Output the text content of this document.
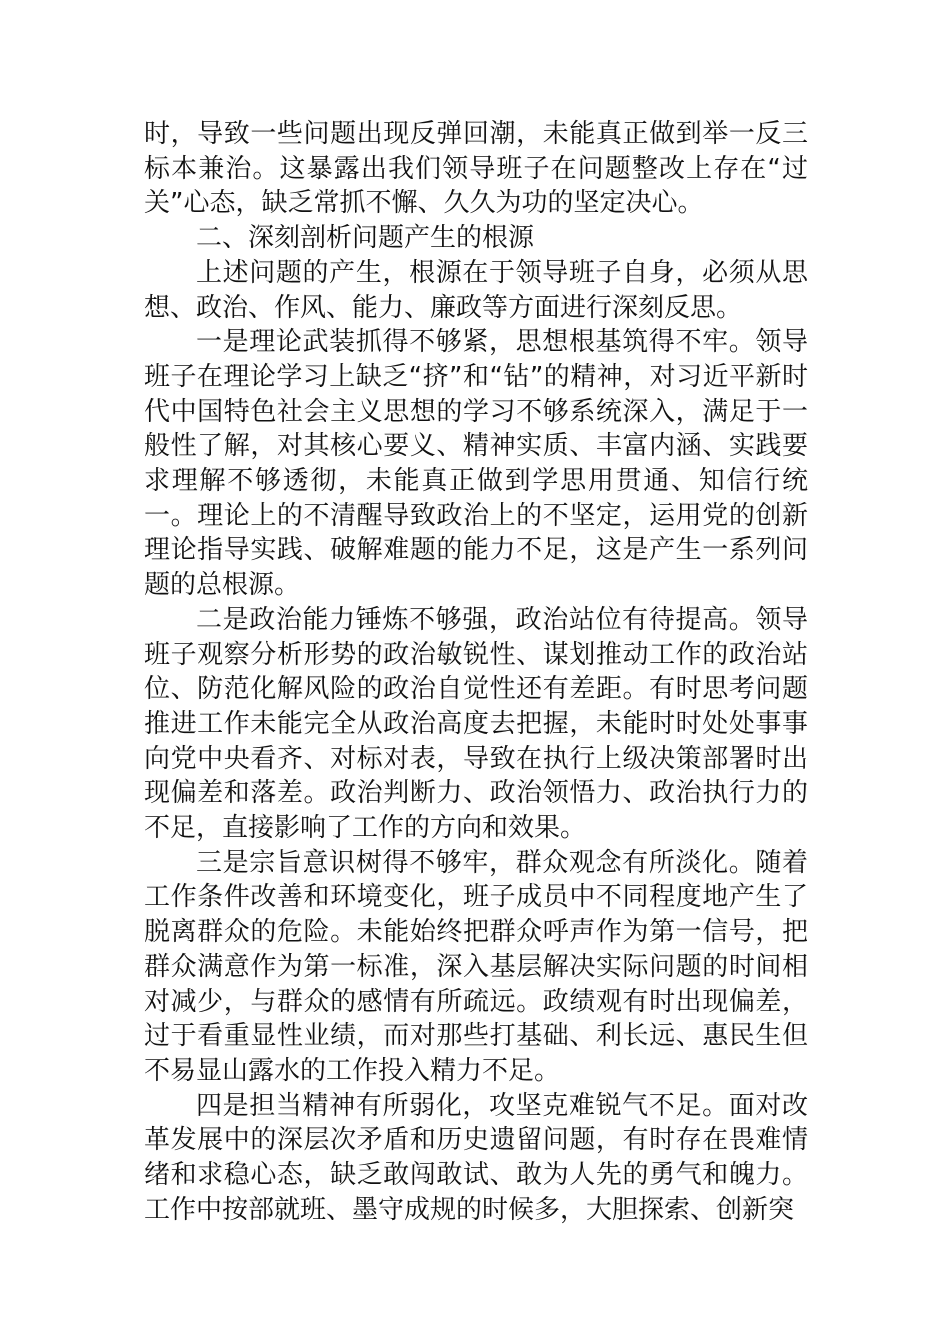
时，导致一些问题出现反弹回潮，未能真正做到举一反三标本兼治。这暴露出我们领导班子在问题整改上存在“过关”心态，缺乏常抓不懈、久久为功的坚定决心。

二、深刻剖析问题产生的根源

上述问题的产生，根源在于领导班子自身，必须从思想、政治、作风、能力、廉政等方面进行深刻反思。

一是理论武装抓得不够紧，思想根基筑得不牢。领导班子在理论学习上缺乏“挤”和“钻”的精神，对习近平新时代中国特色社会主义思想的学习不够系统深入，满足于一般性了解，对其核心要义、精神实质、丰富内涵、实践要求理解不够透彻，未能真正做到学思用贯通、知信行统一。理论上的不清醒导致政治上的不坚定，运用党的创新理论指导实践、破解难题的能力不足，这是产生一系列问题的总根源。

二是政治能力锤炼不够强，政治站位有待提高。领导班子观察分析形势的政治敏锐性、谋划推动工作的政治站位、防范化解风险的政治自觉性还有差距。有时思考问题推进工作未能完全从政治高度去把握，未能时时处处事事向党中央看齐、对标对表，导致在执行上级决策部署时出现偏差和落差。政治判断力、政治领悟力、政治执行力的不足，直接影响了工作的方向和效果。

三是宗旨意识树得不够牢，群众观念有所淡化。随着工作条件改善和环境变化，班子成员中不同程度地产生了脱离群众的危险。未能始终把群众呼声作为第一信号，把群众满意作为第一标准，深入基层解决实际问题的时间相对减少，与群众的感情有所疏远。政绩观有时出现偏差，过于看重显性业绩，而对那些打基础、利长远、惠民生但不易显山露水的工作投入精力不足。

四是担当精神有所弱化，攻坚克难锐气不足。面对改革发展中的深层次矛盾和历史遗留问题，有时存在畏难情绪和求稳心态，缺乏敢闯敢试、敢为人先的勇气和魄力。工作中按部就班、墨守成规的时候多，大胆探索、创新突
